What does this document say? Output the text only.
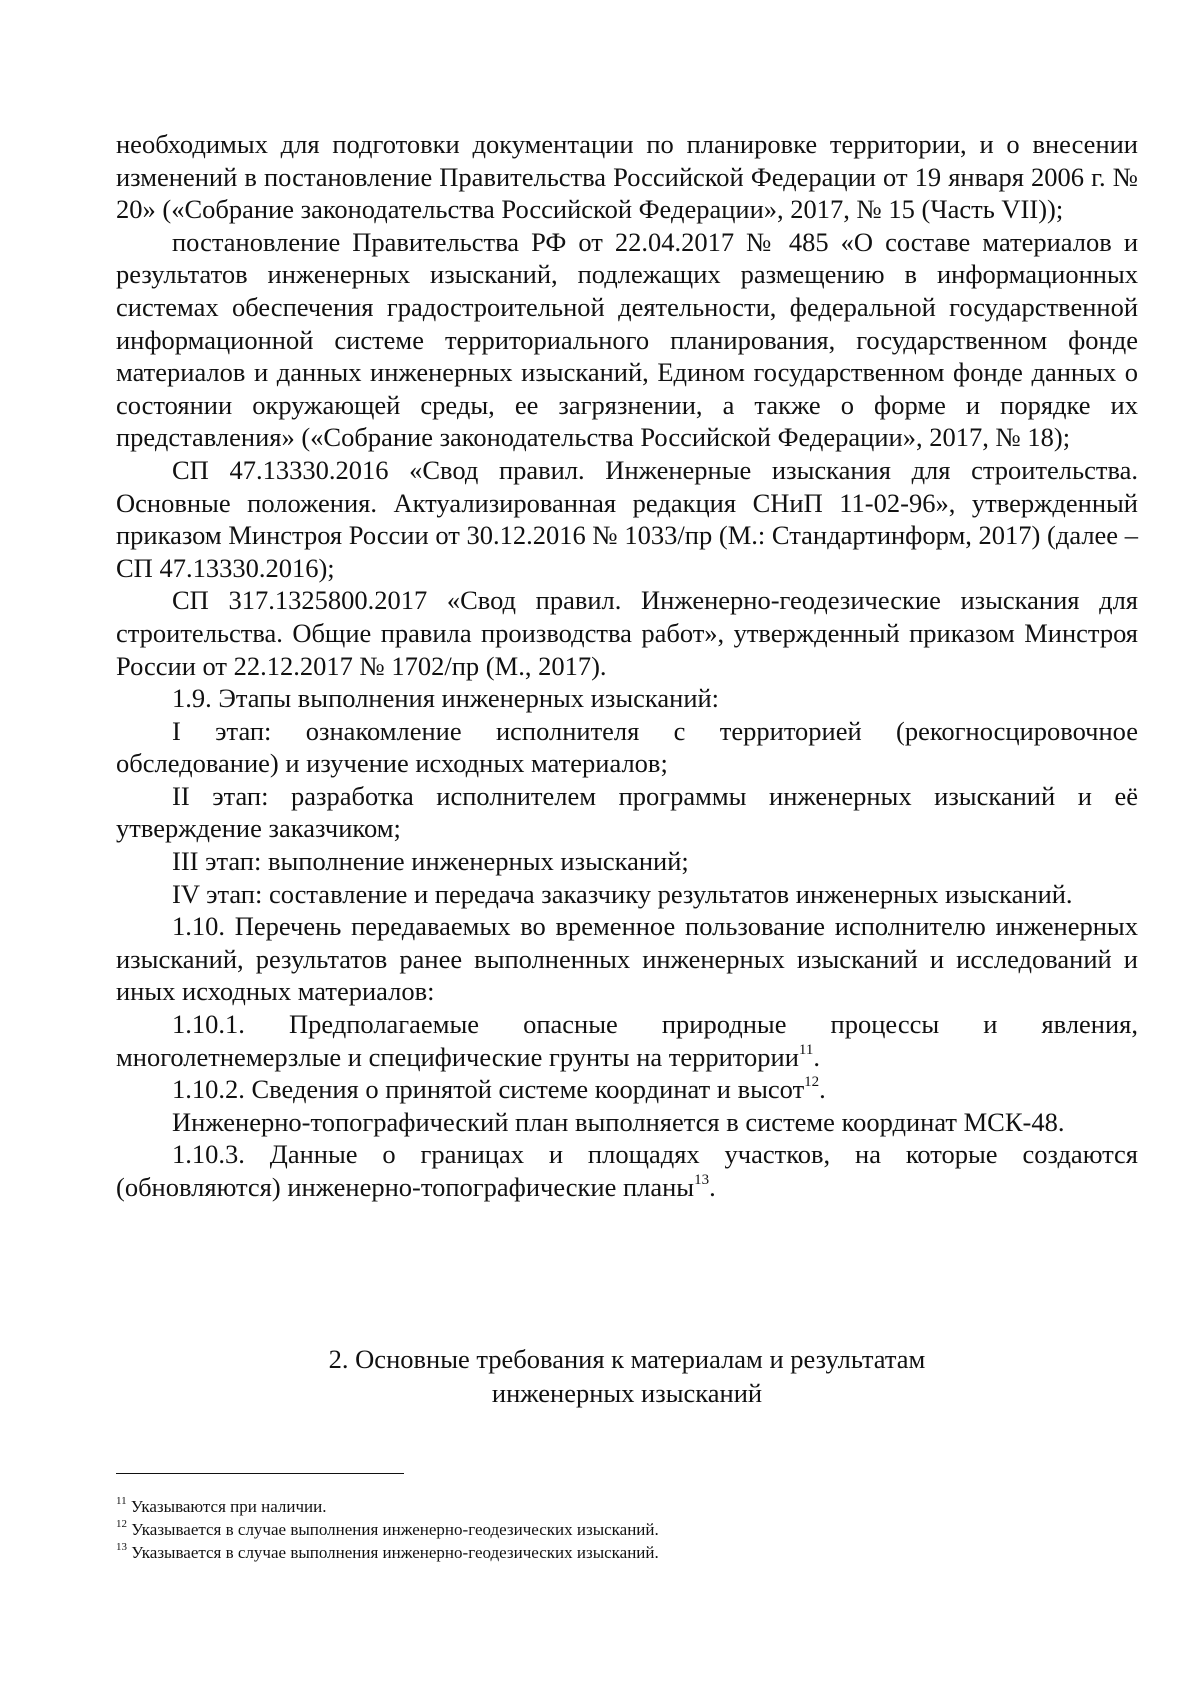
необходимых для подготовки документации по планировке территории, и о внесении изменений в постановление Правительства Российской Федерации от 19 января 2006 г. № 20» («Собрание законодательства Российской Федерации», 2017, № 15 (Часть VII));

постановление Правительства РФ от 22.04.2017 № 485 «О составе материалов и результатов инженерных изысканий, подлежащих размещению в информационных системах обеспечения градостроительной деятельности, федеральной государственной информационной системе территориального планирования, государственном фонде материалов и данных инженерных изысканий, Едином государственном фонде данных о состоянии окружающей среды, ее загрязнении, а также о форме и порядке их представления» («Собрание законодательства Российской Федерации», 2017, № 18);

СП 47.13330.2016 «Свод правил. Инженерные изыскания для строительства. Основные положения. Актуализированная редакция СНиП 11-02-96», утвержденный приказом Минстроя России от 30.12.2016 № 1033/пр (М.: Стандартинформ, 2017) (далее – СП 47.13330.2016);

СП 317.1325800.2017 «Свод правил. Инженерно-геодезические изыскания для строительства. Общие правила производства работ», утвержденный приказом Минстроя России от 22.12.2017 № 1702/пр (М., 2017).

1.9. Этапы выполнения инженерных изысканий:

I этап: ознакомление исполнителя с территорией (рекогносцировочное обследование) и изучение исходных материалов;

II этап: разработка исполнителем программы инженерных изысканий и её утверждение заказчиком;

III этап: выполнение инженерных изысканий;

IV этап: составление и передача заказчику результатов инженерных изысканий.

1.10. Перечень передаваемых во временное пользование исполнителю инженерных изысканий, результатов ранее выполненных инженерных изысканий и исследований и иных исходных материалов:

1.10.1. Предполагаемые опасные природные процессы и явления, многолетнемерзлые и специфические грунты на территории$^{11}$.

1.10.2. Сведения о принятой системе координат и высот$^{12}$.

Инженерно-топографический план выполняется в системе координат МСК-48.

1.10.3. Данные о границах и площадях участков, на которые создаются (обновляются) инженерно-топографические планы$^{13}$.

2. Основные требования к материалам и результатам
инженерных изысканий

$^{11}$ Указываются при наличии.

$^{12}$ Указывается в случае выполнения инженерно-геодезических изысканий.

$^{13}$ Указывается в случае выполнения инженерно-геодезических изысканий.
